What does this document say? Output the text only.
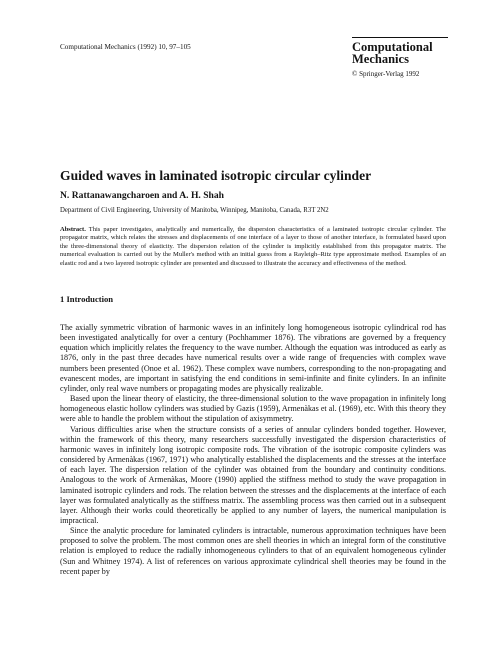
Computational Mechanics (1992) 10, 97–105	Computational
Mechanics
© Springer-Verlag 1992
Guided waves in laminated isotropic circular cylinder
N. Rattanawangcharoen and A. H. Shah
Department of Civil Engineering, University of Manitoba, Winnipeg, Manitoba, Canada, R3T 2N2
Abstract. This paper investigates, analytically and numerically, the dispersion characteristics of a laminated isotropic circular cylinder. The propagator matrix, which relates the stresses and displacements of one interface of a layer to those of another interface, is formulated based upon the three-dimensional theory of elasticity. The dispersion relation of the cylinder is implicitly established from this propagator matrix. The numerical evaluation is carried out by the Muller's method with an initial guess from a Rayleigh–Ritz type approximate method. Examples of an elastic rod and a two layered isotropic cylinder are presented and discussed to illustrate the accuracy and effectiveness of the method.
1 Introduction

The axially symmetric vibration of harmonic waves in an infinitely long homogeneous isotropic cylindrical rod has been investigated analytically for over a century (Pochhammer 1876). The vibrations are governed by a frequency equation which implicitly relates the frequency to the wave number. Although the equation was introduced as early as 1876, only in the past three decades have numerical results over a wide range of frequencies with complex wave numbers been presented (Onoe et al. 1962). These complex wave numbers, corresponding to the non-propagating and evanescent modes, are important in satisfying the end conditions in semi-infinite and finite cylinders. In an infinite cylinder, only real wave numbers or propagating modes are physically realizable.

Based upon the linear theory of elasticity, the three-dimensional solution to the wave propagation in infinitely long homogeneous elastic hollow cylinders was studied by Gazis (1959), Armenàkas et al. (1969), etc. With this theory they were able to handle the problem without the stipulation of axisymmetry.

Various difficulties arise when the structure consists of a series of annular cylinders bonded together. However, within the framework of this theory, many researchers successfully investigated the dispersion characteristics of harmonic waves in infinitely long isotropic composite rods. The vibration of the isotropic composite cylinders was considered by Armenàkas (1967, 1971) who analytically established the displacements and the stresses at the interface of each layer. The dispersion relation of the cylinder was obtained from the boundary and continuity conditions. Analogous to the work of Armenàkas, Moore (1990) applied the stiffness method to study the wave propagation in laminated isotropic cylinders and rods. The relation between the stresses and the displacements at the interface of each layer was formulated analytically as the stiffness matrix. The assembling process was then carried out in a subsequent layer. Although their works could theoretically be applied to any number of layers, the numerical manipulation is impractical.

Since the analytic procedure for laminated cylinders is intractable, numerous approximation techniques have been proposed to solve the problem. The most common ones are shell theories in which an integral form of the constitutive relation is employed to reduce the radially inhomogeneous cylinders to that of an equivalent homogeneous cylinder (Sun and Whitney 1974). A list of references on various approximate cylindrical shell theories may be found in the recent paper by
